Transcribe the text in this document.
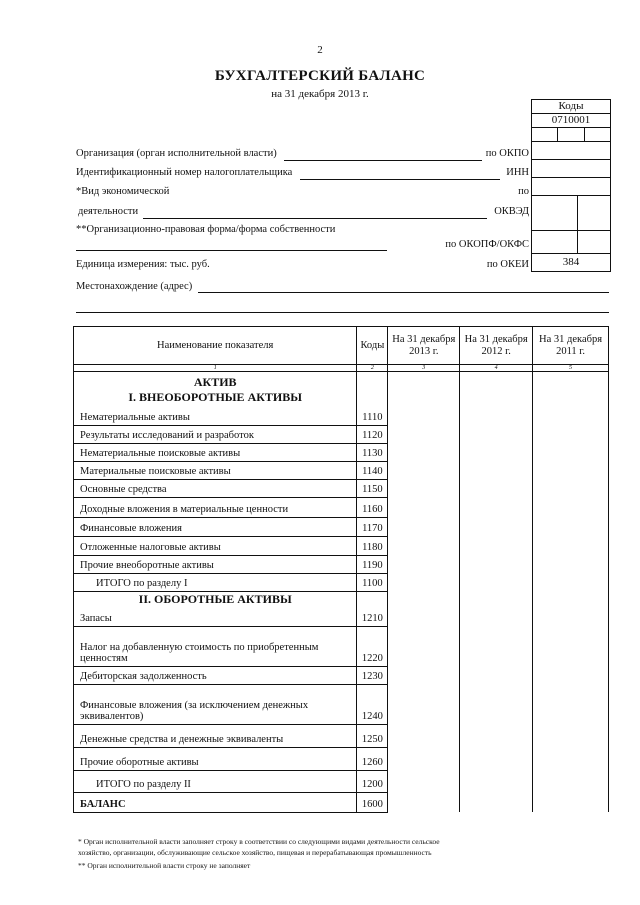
2
БУХГАЛТЕРСКИЙ БАЛАНС
на 31 декабря 2013 г.
Коды
0710001
384
Организация (орган исполнительной власти)	по ОКПО
Идентификационный номер налогоплательщика	ИНН
*Вид экономической	по
деятельности	ОКВЭД
**Организационно-правовая форма/форма собственности
по ОКОПФ/ОКФС
Единица измерения: тыс. руб.	по ОКЕИ
Местонахождение (адрес)
Наименование показателя	Коды	На 31 декабря 2013 г.	На 31 декабря 2012 г.	На 31 декабря 2011 г.
1	2	3	4	5

АКТИВ
I. ВНЕОБОРОТНЫЕ АКТИВЫ				

Нематериальные активы	1110			
Результаты исследований и разработок	1120			
Нематериальные поисковые активы	1130			
Материальные поисковые активы	1140			
Основные средства	1150			
Доходные вложения в материальные ценности	1160			
Финансовые вложения	1170			
Отложенные налоговые активы	1180			
Прочие внеоборотные активы	1190			
ИТОГО по разделу I	1100			
II. ОБОРОТНЫЕ АКТИВЫ				
Запасы	1210			
Налог на добавленную стоимость по приобретенным ценностям	1220			
Дебиторская задолженность	1230			
Финансовые вложения (за исключением денежных эквивалентов)	1240			
Денежные средства и денежные эквиваленты	1250			
Прочие оборотные активы	1260			
ИТОГО по разделу II	1200			
БАЛАНС	1600			
* Орган исполнительной власти заполняет строку в соответствии со следующими видами деятельности сельское
хозяйство, организации, обслуживающие сельское хозяйство, пищевая и перерабатывающая промышленность
** Орган исполнительной власти строку не заполняет
